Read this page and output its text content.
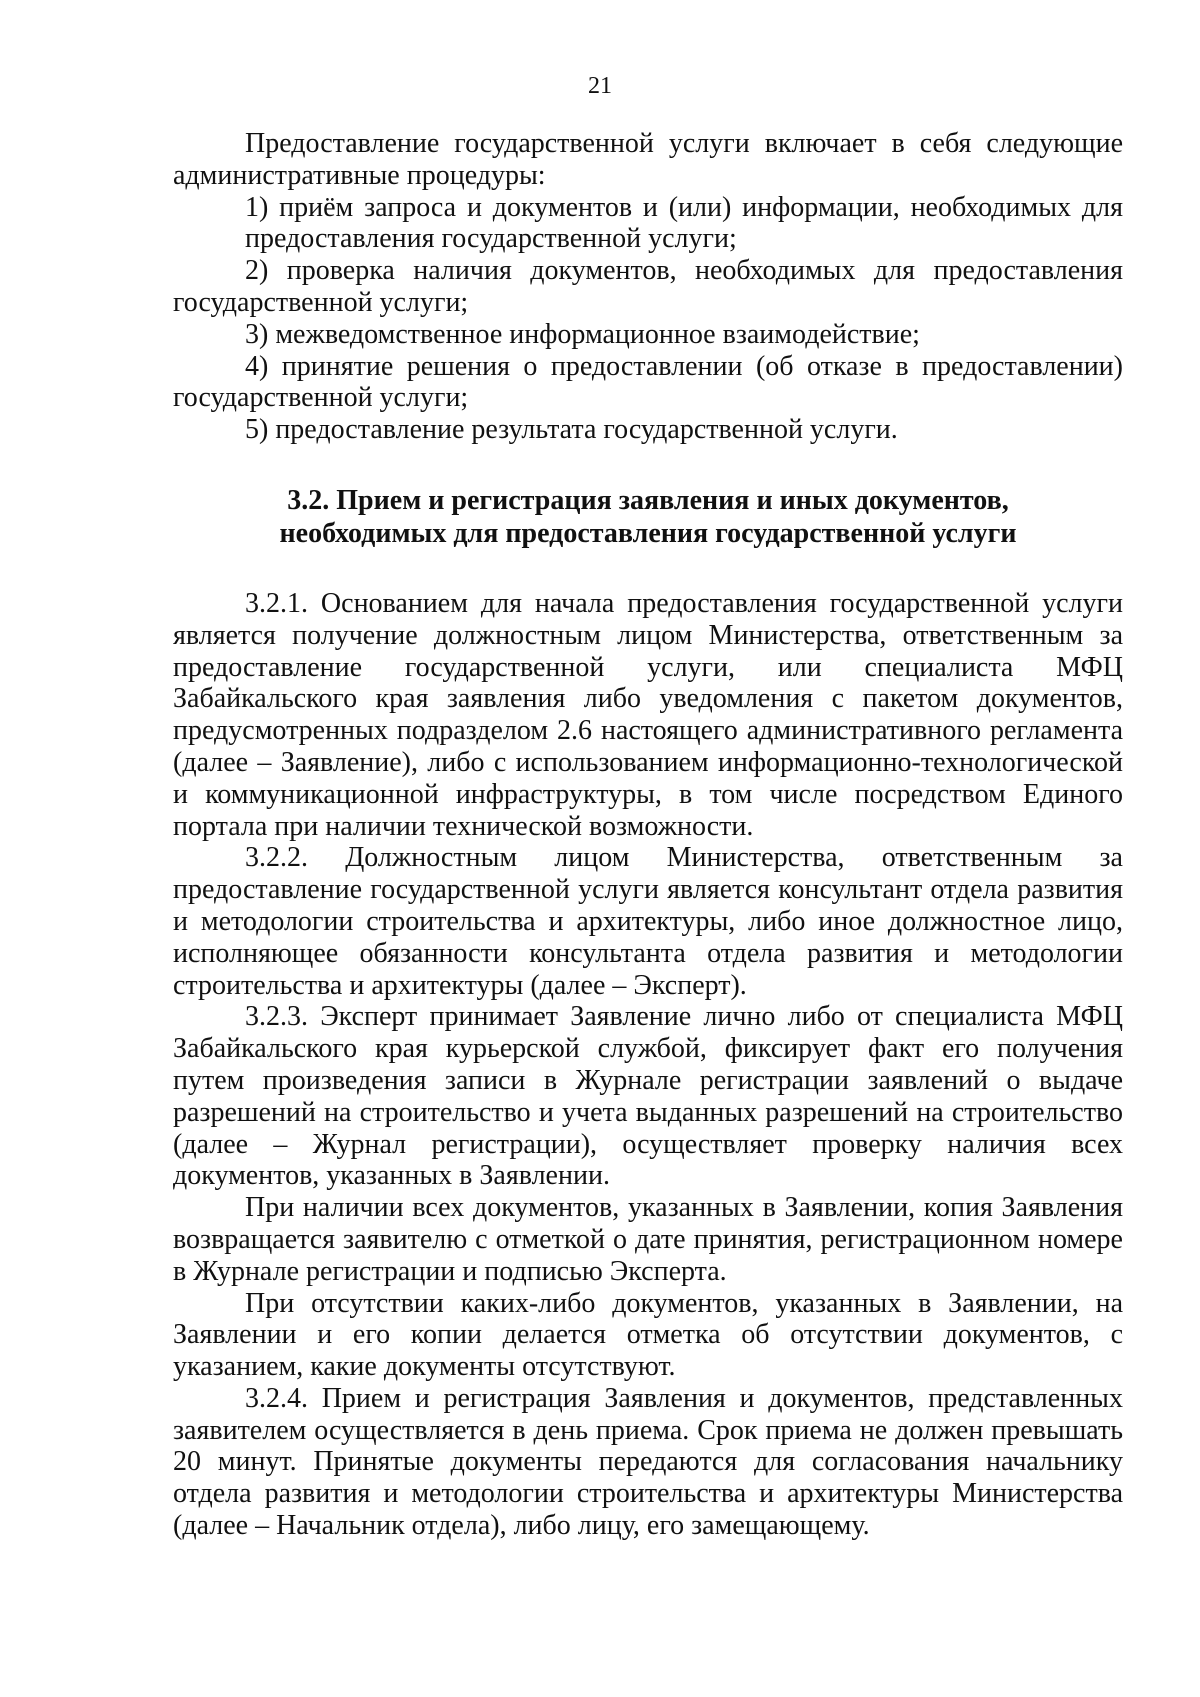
21

Предоставление государственной услуги включает в себя следующие административные процедуры:

1) приём запроса и документов и (или) информации, необходимых для предоставления государственной услуги;

2) проверка наличия документов, необходимых для предоставления государственной услуги;

3) межведомственное информационное взаимодействие;

4) принятие решения о предоставлении (об отказе в предоставлении) государственной услуги;

5) предоставление результата государственной услуги.

3.2. Прием и регистрация заявления и иных документов,
необходимых для предоставления государственной услуги

3.2.1. Основанием для начала предоставления государственной услуги является получение должностным лицом Министерства, ответственным за предоставление государственной услуги, или специалиста МФЦ Забайкальского края заявления либо уведомления с пакетом документов, предусмотренных подразделом 2.6 настоящего административного регламента (далее – Заявление), либо с использованием информационно-технологической и коммуникационной инфраструктуры, в том числе посредством Единого портала при наличии технической возможности.

3.2.2. Должностным лицом Министерства, ответственным за предоставление государственной услуги является консультант отдела развития и методологии строительства и архитектуры, либо иное должностное лицо, исполняющее обязанности консультанта отдела развития и методологии строительства и архитектуры (далее – Эксперт).

3.2.3. Эксперт принимает Заявление лично либо от специалиста МФЦ Забайкальского края курьерской службой, фиксирует факт его получения путем произведения записи в Журнале регистрации заявлений о выдаче разрешений на строительство и учета выданных разрешений на строительство (далее – Журнал регистрации), осуществляет проверку наличия всех документов, указанных в Заявлении.

При наличии всех документов, указанных в Заявлении, копия Заявления возвращается заявителю с отметкой о дате принятия, регистрационном номере в Журнале регистрации и подписью Эксперта.

При отсутствии каких-либо документов, указанных в Заявлении, на Заявлении и его копии делается отметка об отсутствии документов, с указанием, какие документы отсутствуют.

3.2.4. Прием и регистрация Заявления и документов, представленных заявителем осуществляется в день приема. Срок приема не должен превышать 20 минут. Принятые документы передаются для согласования начальнику отдела развития и методологии строительства и архитектуры Министерства (далее – Начальник отдела), либо лицу, его замещающему.
